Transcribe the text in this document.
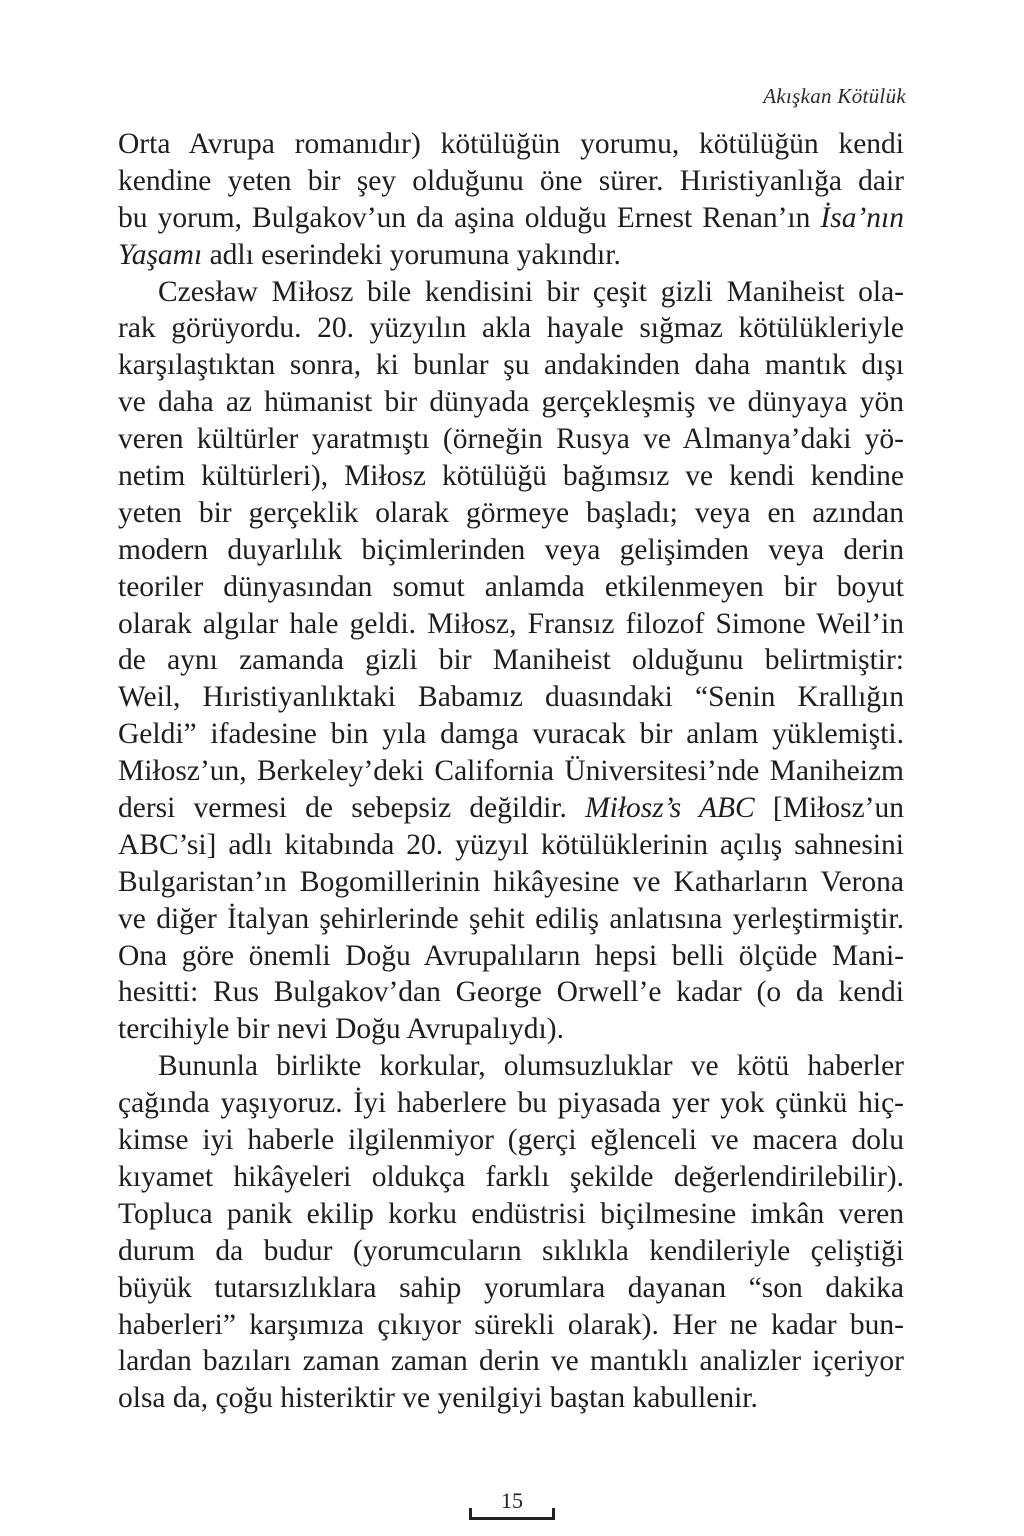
Akışkan Kötülük
Orta Avrupa romanıdır) kötülüğün yorumu, kötülüğün kendi
kendine yeten bir şey olduğunu öne sürer. Hıristiyanlığa dair
bu yorum, Bulgakov’un da aşina olduğu Ernest Renan’ın İsa’nın
Yaşamı adlı eserindeki yorumuna yakındır.
Czesław Miłosz bile kendisini bir çeşit gizli Maniheist ola-
rak görüyordu. 20. yüzyılın akla hayale sığmaz kötülükleriyle
karşılaştıktan sonra, ki bunlar şu andakinden daha mantık dışı
ve daha az hümanist bir dünyada gerçekleşmiş ve dünyaya yön
veren kültürler yaratmıştı (örneğin Rusya ve Almanya’daki yö-
netim kültürleri), Miłosz kötülüğü bağımsız ve kendi kendine
yeten bir gerçeklik olarak görmeye başladı; veya en azından
modern duyarlılık biçimlerinden veya gelişimden veya derin
teoriler dünyasından somut anlamda etkilenmeyen bir boyut
olarak algılar hale geldi. Miłosz, Fransız filozof Simone Weil’in
de aynı zamanda gizli bir Maniheist olduğunu belirtmiştir:
Weil, Hıristiyanlıktaki Babamız duasındaki “Senin Krallığın
Geldi” ifadesine bin yıla damga vuracak bir anlam yüklemişti.
Miłosz’un, Berkeley’deki California Üniversitesi’nde Maniheizm
dersi vermesi de sebepsiz değildir. Miłosz’s ABC [Miłosz’un
ABC’si] adlı kitabında 20. yüzyıl kötülüklerinin açılış sahnesini
Bulgaristan’ın Bogomillerinin hikâyesine ve Katharların Verona
ve diğer İtalyan şehirlerinde şehit ediliş anlatısına yerleştirmiştir.
Ona göre önemli Doğu Avrupalıların hepsi belli ölçüde Mani-
hesitti: Rus Bulgakov’dan George Orwell’e kadar (o da kendi
tercihiyle bir nevi Doğu Avrupalıydı).
Bununla birlikte korkular, olumsuzluklar ve kötü haberler
çağında yaşıyoruz. İyi haberlere bu piyasada yer yok çünkü hiç-
kimse iyi haberle ilgilenmiyor (gerçi eğlenceli ve macera dolu
kıyamet hikâyeleri oldukça farklı şekilde değerlendirilebilir).
Toplucа panik ekilip korku endüstrisi biçilmesine imkân veren
durum da budur (yorumcuların sıklıkla kendileriyle çeliştiği
büyük tutarsızlıklara sahip yorumlara dayanan “son dakika
haberleri” karşımıza çıkıyor sürekli olarak). Her ne kadar bun-
lardan bazıları zaman zaman derin ve mantıklı analizler içeriyor
olsa da, çoğu histeriktir ve yenilgiyi baştan kabullenir.
15
